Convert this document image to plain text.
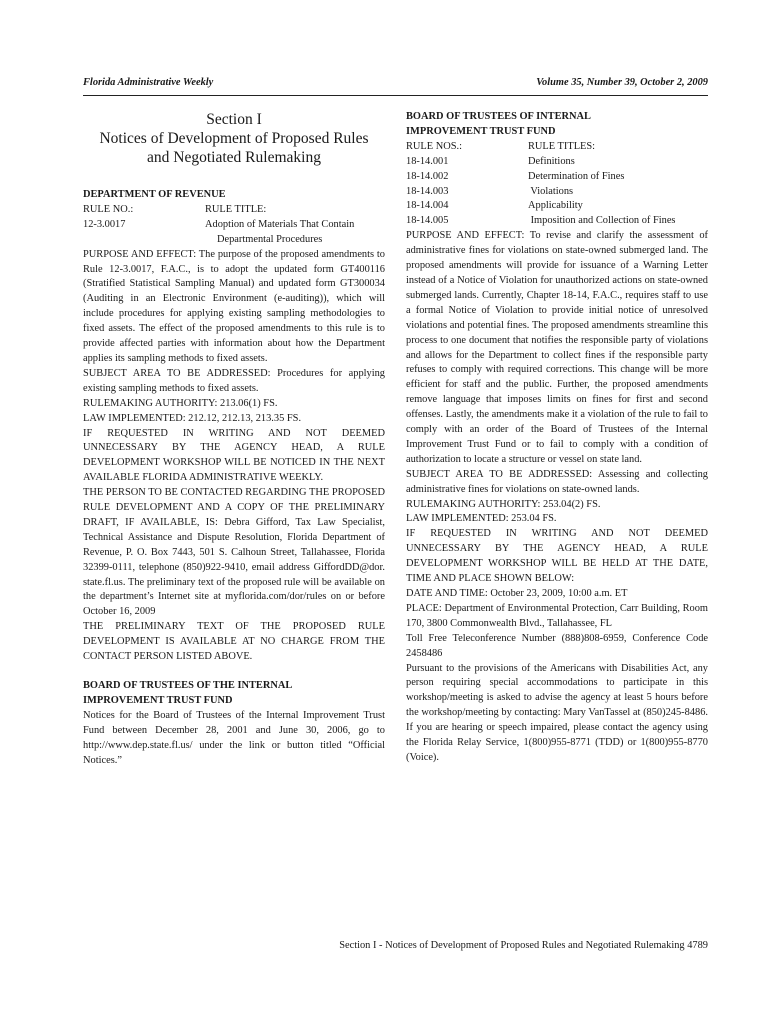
Florida Administrative Weekly	Volume 35, Number 39, October 2, 2009
Section I
Notices of Development of Proposed Rules
and Negotiated Rulemaking

DEPARTMENT OF REVENUE

RULE NO.:	RULE TITLE:
12-3.0017	Adoption of Materials That Contain
Departmental Procedures

PURPOSE AND EFFECT: The purpose of the proposed amendments to Rule 12-3.0017, F.A.C., is to adopt the updated form GT400116 (Stratified Statistical Sampling Manual) and updated form GT300034 (Auditing in an Electronic Environment (e-auditing)), which will include procedures for applying existing sampling methodologies to fixed assets. The effect of the proposed amendments to this rule is to provide affected parties with information about how the Department applies its sampling methods to fixed assets.

SUBJECT AREA TO BE ADDRESSED: Procedures for applying existing sampling methods to fixed assets.

RULEMAKING AUTHORITY: 213.06(1) FS.

LAW IMPLEMENTED: 212.12, 212.13, 213.35 FS.

IF REQUESTED IN WRITING AND NOT DEEMED UNNECESSARY BY THE AGENCY HEAD, A RULE DEVELOPMENT WORKSHOP WILL BE NOTICED IN THE NEXT AVAILABLE FLORIDA ADMINISTRATIVE WEEKLY.

THE PERSON TO BE CONTACTED REGARDING THE PROPOSED RULE DEVELOPMENT AND A COPY OF THE PRELIMINARY DRAFT, IF AVAILABLE, IS: Debra Gifford, Tax Law Specialist, Technical Assistance and Dispute Resolution, Florida Department of Revenue, P. O. Box 7443, 501 S. Calhoun Street, Tallahassee, Florida 32399-0111, telephone (850)922-9410, email address GiffordDD@dor. state.fl.us. The preliminary text of the proposed rule will be available on the department’s Internet site at myflorida.com/dor/rules on or before October 16, 2009

THE PRELIMINARY TEXT OF THE PROPOSED RULE DEVELOPMENT IS AVAILABLE AT NO CHARGE FROM THE CONTACT PERSON LISTED ABOVE.

BOARD OF TRUSTEES OF THE INTERNAL
IMPROVEMENT TRUST FUND

Notices for the Board of Trustees of the Internal Improvement Trust Fund between December 28, 2001 and June 30, 2006, go to http://www.dep.state.fl.us/ under the link or button titled “Official Notices.”

BOARD OF TRUSTEES OF INTERNAL
IMPROVEMENT TRUST FUND

RULE NOS.:	RULE TITLES:
18-14.001	Definitions
18-14.002	Determination of Fines
18-14.003	Violations
18-14.004	Applicability
18-14.005	Imposition and Collection of Fines

PURPOSE AND EFFECT: To revise and clarify the assessment of administrative fines for violations on state-owned submerged land. The proposed amendments will provide for issuance of a Warning Letter instead of a Notice of Violation for unauthorized actions on state-owned submerged lands. Currently, Chapter 18-14, F.A.C., requires staff to use a formal Notice of Violation to provide initial notice of unresolved violations and potential fines. The proposed amendments streamline this process to one document that notifies the responsible party of violations and allows for the Department to collect fines if the responsible party refuses to comply with required corrections. This change will be more efficient for staff and the public. Further, the proposed amendments remove language that imposes limits on fines for first and second offenses. Lastly, the amendments make it a violation of the rule to fail to comply with an order of the Board of Trustees of the Internal Improvement Trust Fund or to fail to comply with a condition of authorization to locate a structure or vessel on state land.

SUBJECT AREA TO BE ADDRESSED: Assessing and collecting administrative fines for violations on state-owned lands.

RULEMAKING AUTHORITY: 253.04(2) FS.

LAW IMPLEMENTED: 253.04 FS.

IF REQUESTED IN WRITING AND NOT DEEMED UNNECESSARY BY THE AGENCY HEAD, A RULE DEVELOPMENT WORKSHOP WILL BE HELD AT THE DATE, TIME AND PLACE SHOWN BELOW:

DATE AND TIME: October 23, 2009, 10:00 a.m. ET

PLACE: Department of Environmental Protection, Carr Building, Room 170, 3800 Commonwealth Blvd., Tallahassee, FL

Toll Free Teleconference Number (888)808-6959, Conference Code 2458486

Pursuant to the provisions of the Americans with Disabilities Act, any person requiring special accommodations to participate in this workshop/meeting is asked to advise the agency at least 5 hours before the workshop/meeting by contacting: Mary VanTassel at (850)245-8486. If you are hearing or speech impaired, please contact the agency using the Florida Relay Service, 1(800)955-8771 (TDD) or 1(800)955-8770 (Voice).

Section I - Notices of Development of Proposed Rules and Negotiated Rulemaking 4789
